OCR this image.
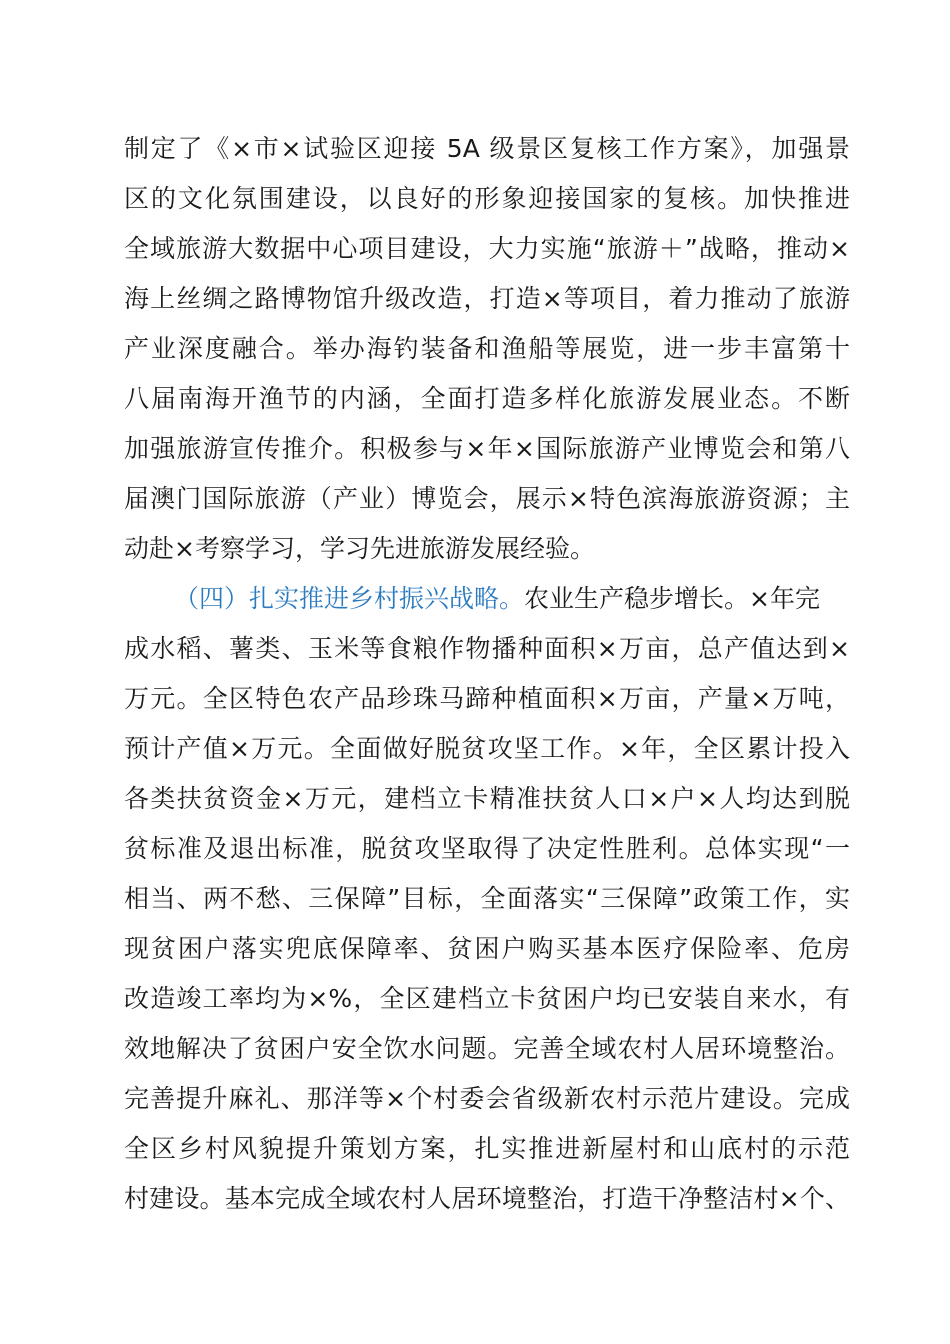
制定了《×市×试验区迎接 5A 级景区复核工作方案》，加强景
区的文化氛围建设，以良好的形象迎接国家的复核。加快推进
全域旅游大数据中心项目建设，大力实施“旅游＋”战略，推动×
海上丝绸之路博物馆升级改造，打造×等项目，着力推动了旅游
产业深度融合。举办海钓装备和渔船等展览，进一步丰富第十
八届南海开渔节的内涵，全面打造多样化旅游发展业态。不断
加强旅游宣传推介。积极参与×年×国际旅游产业博览会和第八
届澳门国际旅游（产业）博览会，展示×特色滨海旅游资源；主
动赴×考察学习，学习先进旅游发展经验。
（四）扎实推进乡村振兴战略。农业生产稳步增长。×年完
成水稻、薯类、玉米等食粮作物播种面积×万亩，总产值达到×
万元。全区特色农产品珍珠马蹄种植面积×万亩，产量×万吨，
预计产值×万元。全面做好脱贫攻坚工作。×年，全区累计投入
各类扶贫资金×万元，建档立卡精准扶贫人口×户×人均达到脱
贫标准及退出标准，脱贫攻坚取得了决定性胜利。总体实现“一
相当、两不愁、三保障”目标，全面落实“三保障”政策工作，实
现贫困户落实兜底保障率、贫困户购买基本医疗保险率、危房
改造竣工率均为×%，全区建档立卡贫困户均已安装自来水，有
效地解决了贫困户安全饮水问题。完善全域农村人居环境整治。
完善提升麻礼、那洋等×个村委会省级新农村示范片建设。完成
全区乡村风貌提升策划方案，扎实推进新屋村和山底村的示范
村建设。基本完成全域农村人居环境整治，打造干净整洁村×个、
